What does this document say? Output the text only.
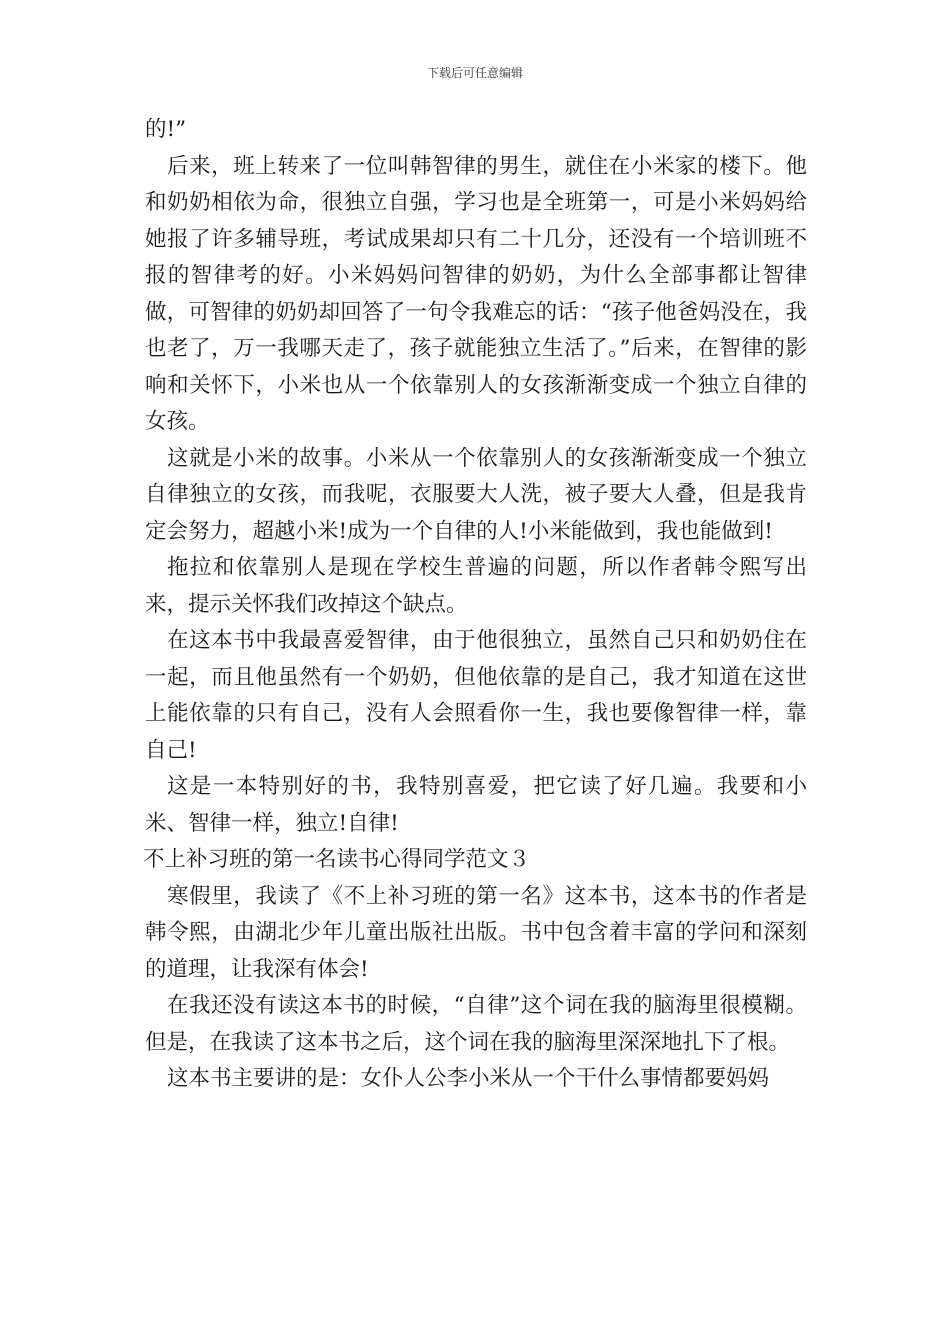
下载后可任意编辑

的!”

后来，班上转来了一位叫韩智律的男生，就住在小米家的楼下。他和奶奶相依为命，很独立自强，学习也是全班第一，可是小米妈妈给她报了许多辅导班，考试成果却只有二十几分，还没有一个培训班不报的智律考的好。小米妈妈问智律的奶奶，为什么全部事都让智律做，可智律的奶奶却回答了一句令我难忘的话：“孩子他爸妈没在，我也老了，万一我哪天走了，孩子就能独立生活了。”后来，在智律的影响和关怀下，小米也从一个依靠别人的女孩渐渐变成一个独立自律的女孩。

这就是小米的故事。小米从一个依靠别人的女孩渐渐变成一个独立自律独立的女孩，而我呢，衣服要大人洗，被子要大人叠，但是我肯定会努力，超越小米!成为一个自律的人!小米能做到，我也能做到!

拖拉和依靠别人是现在学校生普遍的问题，所以作者韩令熙写出来，提示关怀我们改掉这个缺点。

在这本书中我最喜爱智律，由于他很独立，虽然自己只和奶奶住在一起，而且他虽然有一个奶奶，但他依靠的是自己，我才知道在这世上能依靠的只有自己，没有人会照看你一生，我也要像智律一样，靠自己!

这是一本特别好的书，我特别喜爱，把它读了好几遍。我要和小米、智律一样，独立!自律!

不上补习班的第一名读书心得同学范文３

寒假里，我读了《不上补习班的第一名》这本书，这本书的作者是韩令熙，由湖北少年儿童出版社出版。书中包含着丰富的学问和深刻的道理，让我深有体会!

在我还没有读这本书的时候，“自律”这个词在我的脑海里很模糊。但是，在我读了这本书之后，这个词在我的脑海里深深地扎下了根。

这本书主要讲的是：女仆人公李小米从一个干什么事情都要妈妈
